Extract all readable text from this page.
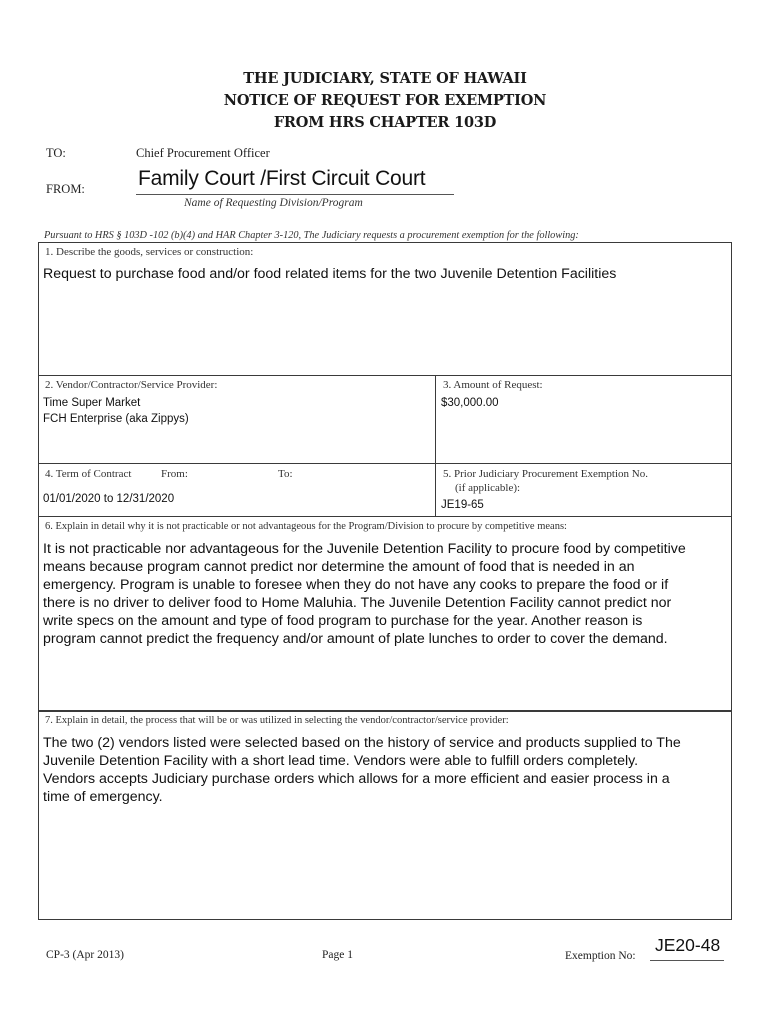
THE JUDICIARY, STATE OF HAWAII
NOTICE OF REQUEST FOR EXEMPTION
FROM HRS CHAPTER 103D
TO:	Chief Procurement Officer
FROM:	Family Court /First Circuit Court
Name of Requesting Division/Program
Pursuant to HRS § 103D -102 (b)(4) and HAR Chapter 3-120, The Judiciary requests a procurement exemption for the following:
1. Describe the goods, services or construction:
Request to purchase food and/or food related items for the two Juvenile Detention Facilities
2. Vendor/Contractor/Service Provider:
Time Super Market
FCH Enterprise (aka Zippys)
3. Amount of Request:
$30,000.00
4. Term of Contract	From:	To:
01/01/2020 to 12/31/2020
5. Prior Judiciary Procurement Exemption No.
(if applicable):
JE19-65
6. Explain in detail why it is not practicable or not advantageous for the Program/Division to procure by competitive means:
It is not practicable nor advantageous for the Juvenile Detention Facility to procure food by competitive
means because program cannot predict nor determine the amount of food that is needed in an
emergency. Program is unable to foresee when they do not have any cooks to prepare the food or if
there is no driver to deliver food to Home Maluhia. The Juvenile Detention Facility cannot predict nor
write specs on the amount and type of food program to purchase for the year. Another reason is
program cannot predict the frequency and/or amount of plate lunches to order to cover the demand.
7. Explain in detail, the process that will be or was utilized in selecting the vendor/contractor/service provider:
The two (2) vendors listed were selected based on the history of service and products supplied to The
Juvenile Detention Facility with a short lead time. Vendors were able to fulfill orders completely.
Vendors accepts Judiciary purchase orders which allows for a more efficient and easier process in a
time of emergency.
CP-3 (Apr 2013)	Page 1	Exemption No:
JE20-48
